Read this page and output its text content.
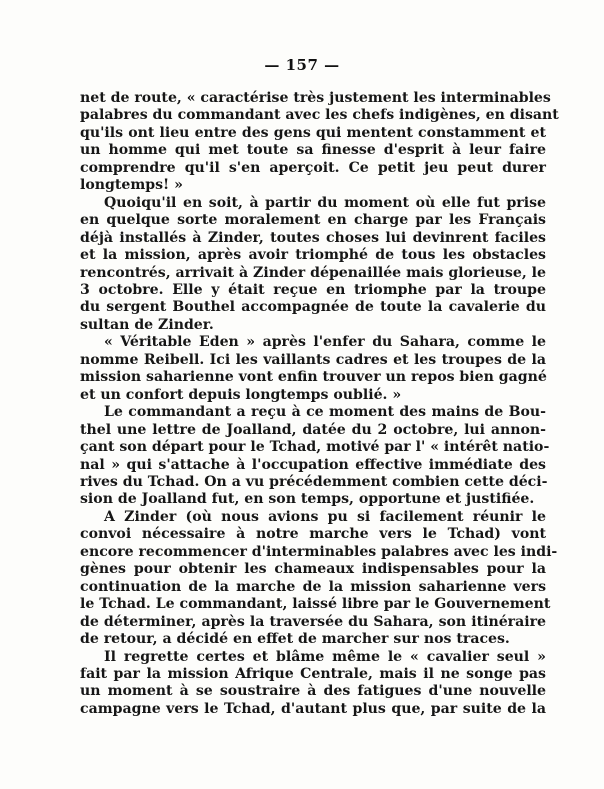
— 157 —
net de route, « caractérise très justement les interminables
palabres du commandant avec les chefs indigènes, en disant
qu'ils ont lieu entre des gens qui mentent constamment et
un homme qui met toute sa finesse d'esprit à leur faire
comprendre qu'il s'en aperçoit. Ce petit jeu peut durer
longtemps! »
Quoiqu'il en soit, à partir du moment où elle fut prise
en quelque sorte moralement en charge par les Français
déjà installés à Zinder, toutes choses lui devinrent faciles
et la mission, après avoir triomphé de tous les obstacles
rencontrés, arrivait à Zinder dépenaillée mais glorieuse, le
3 octobre. Elle y était reçue en triomphe par la troupe
du sergent Bouthel accompagnée de toute la cavalerie du
sultan de Zinder.
« Véritable Eden » après l'enfer du Sahara, comme le
nomme Reibell. Ici les vaillants cadres et les troupes de la
mission saharienne vont enfin trouver un repos bien gagné
et un confort depuis longtemps oublié. »
Le commandant a reçu à ce moment des mains de Bou-
thel une lettre de Joalland, datée du 2 octobre, lui annon-
çant son départ pour le Tchad, motivé par l' « intérêt natio-
nal » qui s'attache à l'occupation effective immédiate des
rives du Tchad. On a vu précédemment combien cette déci-
sion de Joalland fut, en son temps, opportune et justifiée.
A Zinder (où nous avions pu si facilement réunir le
convoi nécessaire à notre marche vers le Tchad) vont
encore recommencer d'interminables palabres avec les indi-
gènes pour obtenir les chameaux indispensables pour la
continuation de la marche de la mission saharienne vers
le Tchad. Le commandant, laissé libre par le Gouvernement
de déterminer, après la traversée du Sahara, son itinéraire
de retour, a décidé en effet de marcher sur nos traces.
Il regrette certes et blâme même le « cavalier seul »
fait par la mission Afrique Centrale, mais il ne songe pas
un moment à se soustraire à des fatigues d'une nouvelle
campagne vers le Tchad, d'autant plus que, par suite de la
